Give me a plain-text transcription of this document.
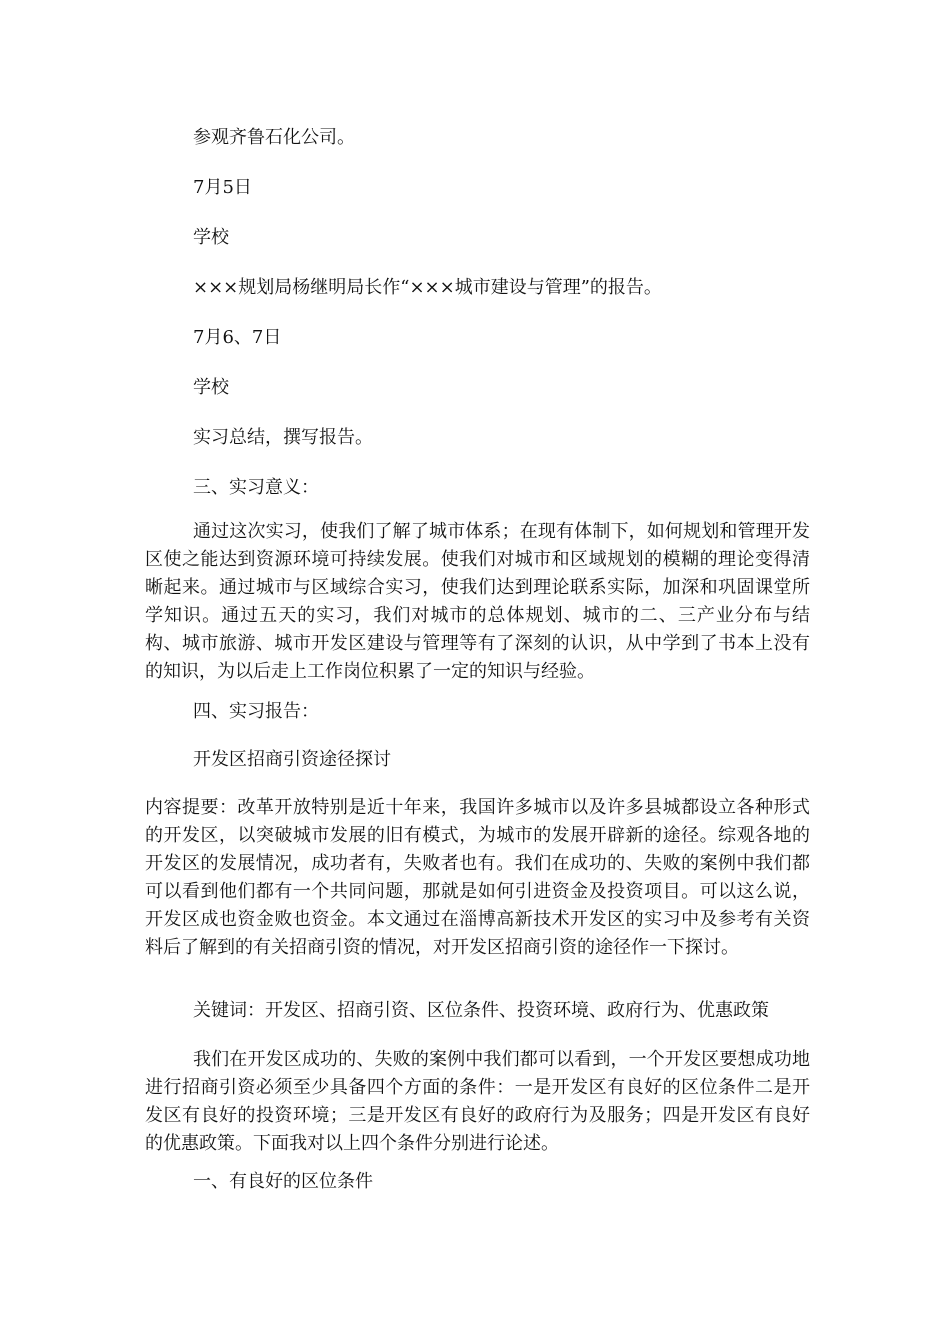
参观齐鲁石化公司。
7月5日
学校
×××规划局杨继明局长作“×××城市建设与管理”的报告。
7月6、7日
学校
实习总结，撰写报告。
三、实习意义：
通过这次实习，使我们了解了城市体系；在现有体制下，如何规划和管理开发区使之能达到资源环境可持续发展。使我们对城市和区域规划的模糊的理论变得清晰起来。通过城市与区域综合实习，使我们达到理论联系实际，加深和巩固课堂所学知识。通过五天的实习，我们对城市的总体规划、城市的二、三产业分布与结构、城市旅游、城市开发区建设与管理等有了深刻的认识，从中学到了书本上没有的知识，为以后走上工作岗位积累了一定的知识与经验。
四、实习报告：
开发区招商引资途径探讨
内容提要：改革开放特别是近十年来，我国许多城市以及许多县城都设立各种形式的开发区，以突破城市发展的旧有模式，为城市的发展开辟新的途径。综观各地的开发区的发展情况，成功者有，失败者也有。我们在成功的、失败的案例中我们都可以看到他们都有一个共同问题，那就是如何引进资金及投资项目。可以这么说，开发区成也资金败也资金。本文通过在淄博高新技术开发区的实习中及参考有关资料后了解到的有关招商引资的情况，对开发区招商引资的途径作一下探讨。
关键词：开发区、招商引资、区位条件、投资环境、政府行为、优惠政策
我们在开发区成功的、失败的案例中我们都可以看到，一个开发区要想成功地进行招商引资必须至少具备四个方面的条件：一是开发区有良好的区位条件二是开发区有良好的投资环境；三是开发区有良好的政府行为及服务；四是开发区有良好的优惠政策。下面我对以上四个条件分别进行论述。
一、有良好的区位条件
